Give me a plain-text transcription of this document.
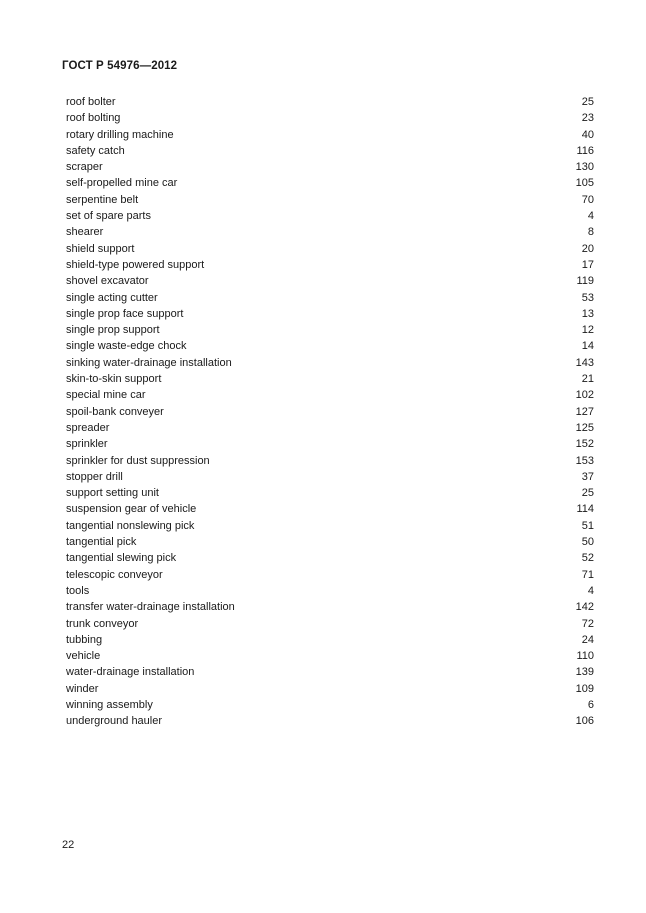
ГОСТ Р 54976—2012
roof bolter	25
roof bolting	23
rotary drilling machine	40
safety catch	116
scraper	130
self-propelled mine car	105
serpentine belt	70
set of spare parts	4
shearer	8
shield support	20
shield-type powered support	17
shovel excavator	119
single acting cutter	53
single prop face support	13
single prop support	12
single waste-edge chock	14
sinking water-drainage installation	143
skin-to-skin support	21
special mine car	102
spoil-bank conveyer	127
spreader	125
sprinkler	152
sprinkler for dust suppression	153
stopper drill	37
support setting unit	25
suspension gear of vehicle	114
tangential nonslewing pick	51
tangential pick	50
tangential slewing pick	52
telescopic conveyor	71
tools	4
transfer water-drainage installation	142
trunk conveyor	72
tubbing	24
vehicle	110
water-drainage installation	139
winder	109
winning assembly	6
underground hauler	106
22
